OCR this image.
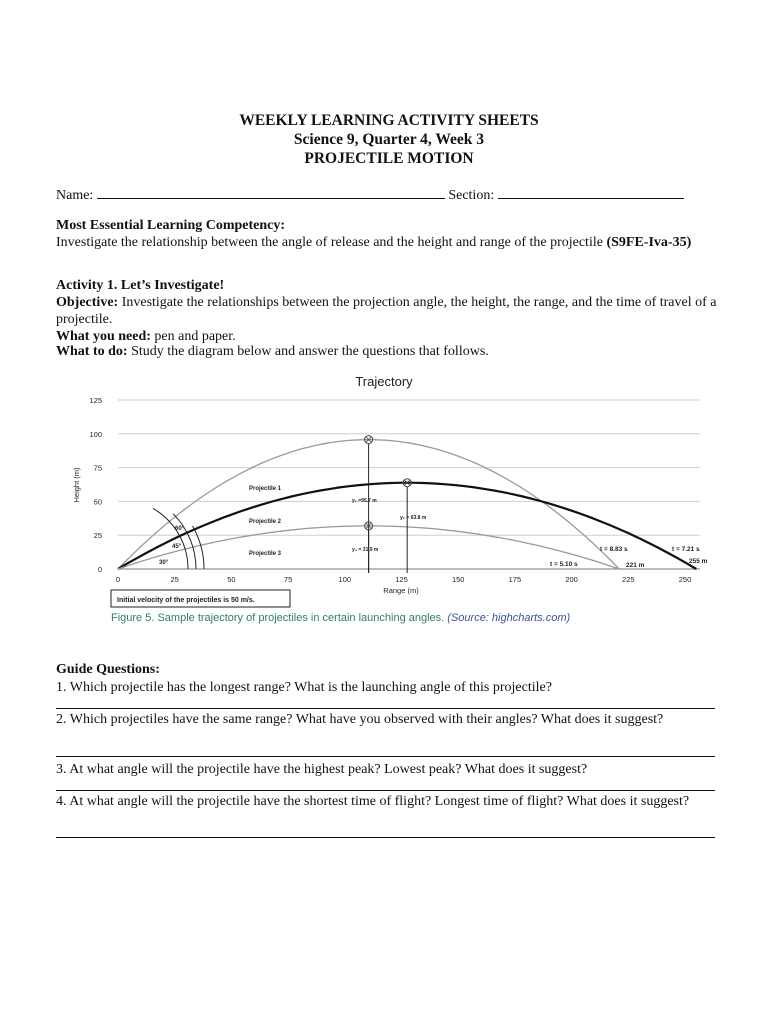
WEEKLY LEARNING ACTIVITY SHEETS
Science 9, Quarter 4, Week 3
PROJECTILE MOTION
Name:	Section:
Most Essential Learning Competency:
Investigate the relationship between the angle of release and the height and range of the projectile (S9FE-Iva-35)
Activity 1. Let’s Investigate!
Objective: Investigate the relationships between the projection angle, the height, the range, and the time of travel of a projectile.
What you need: pen and paper.
What to do: Study the diagram below and answer the questions that follows.
Trajectory
0
25
50
75
100
125
0	25	50	75	100	125	150	175	200	225	250
Range (m)
Height (m)
60°
45°
30°
Projectile 1
Projectile 2
Projectile 3
y₁ =95.7 m
y₂ = 63.8 m
y₃ = 31.9 m	t = 8.83 s	t = 7.21 s
t = 5.10 s	221 m
255 m
Initial velocity of the projectiles is 50 m/s.
Figure 5. Sample trajectory of projectiles in certain launching angles. (Source: highcharts.com)
Guide Questions:
1. Which projectile has the longest range? What is the launching angle of this projectile?
2. Which projectiles have the same range? What have you observed with their angles? What does it suggest?
3. At what angle will the projectile have the highest peak? Lowest peak? What does it suggest?
4. At what angle will the projectile have the shortest time of flight? Longest time of flight? What does it suggest?
